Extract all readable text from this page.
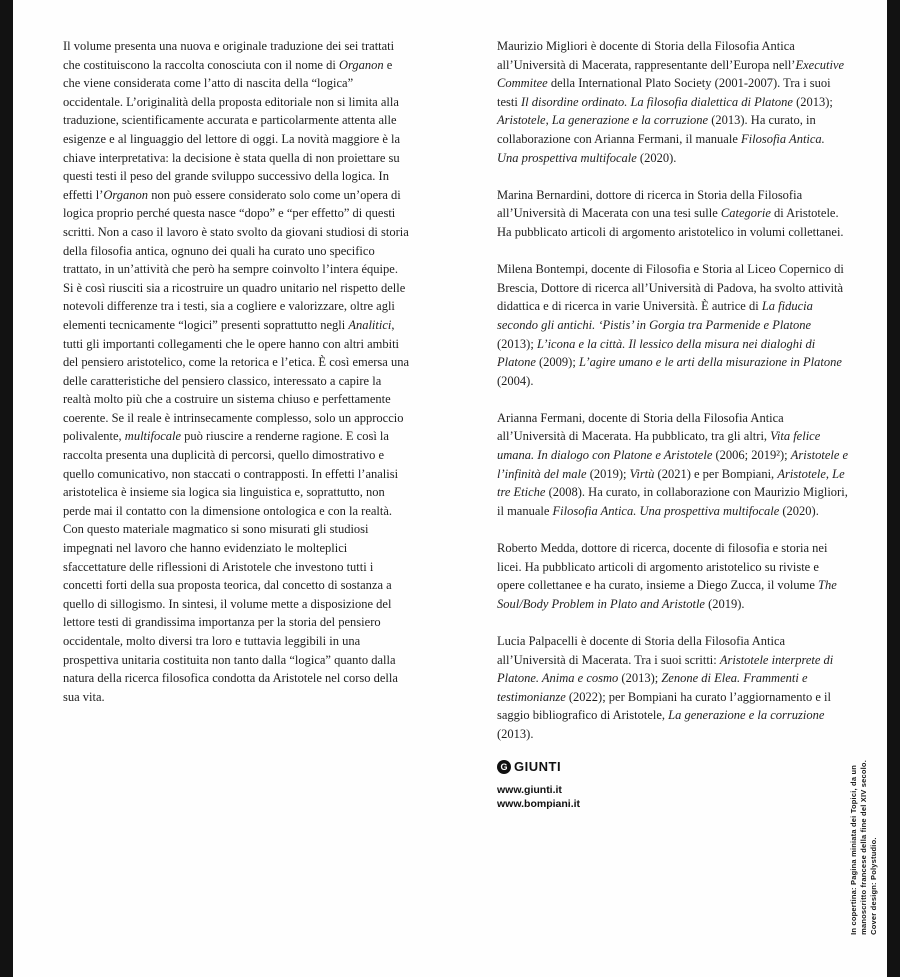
Il volume presenta una nuova e originale traduzione dei sei trattati che costituiscono la raccolta conosciuta con il nome di Organon e che viene considerata come l’atto di nascita della “logica” occidentale. L’originalità della proposta editoriale non si limita alla traduzione, scientificamente accurata e particolarmente attenta alle esigenze e al linguaggio del lettore di oggi. La novità maggiore è la chiave interpretativa: la decisione è stata quella di non proiettare su questi testi il peso del grande sviluppo successivo della logica. In effetti l’Organon non può essere considerato solo come un’opera di logica proprio perché questa nasce “dopo” e “per effetto” di questi scritti. Non a caso il lavoro è stato svolto da giovani studiosi di storia della filosofia antica, ognuno dei quali ha curato uno specifico trattato, in un’attività che però ha sempre coinvolto l’intera équipe. Si è così riusciti sia a ricostruire un quadro unitario nel rispetto delle notevoli differenze tra i testi, sia a cogliere e valorizzare, oltre agli elementi tecnicamente “logici” presenti soprattutto negli Analitici, tutti gli importanti collegamenti che le opere hanno con altri ambiti del pensiero aristotelico, come la retorica e l’etica. È così emersa una delle caratteristiche del pensiero classico, interessato a capire la realtà molto più che a costruire un sistema chiuso e perfettamente coerente. Se il reale è intrinsecamente complesso, solo un approccio polivalente, multifocale può riuscire a renderne ragione. E così la raccolta presenta una duplicità di percorsi, quello dimostrativo e quello comunicativo, non staccati o contrapposti. In effetti l’analisi aristotelica è insieme sia logica sia linguistica e, soprattutto, non perde mai il contatto con la dimensione ontologica e con la realtà. Con questo materiale magmatico si sono misurati gli studiosi impegnati nel lavoro che hanno evidenziato le molteplici sfaccettature delle riflessioni di Aristotele che investono tutti i concetti forti della sua proposta teorica, dal concetto di sostanza a quello di sillogismo. In sintesi, il volume mette a disposizione del lettore testi di grandissima importanza per la storia del pensiero occidentale, molto diversi tra loro e tuttavia leggibili in una prospettiva unitaria costituita non tanto dalla “logica” quanto dalla natura della ricerca filosofica condotta da Aristotele nel corso della sua vita.

Maurizio Migliori è docente di Storia della Filosofia Antica all’Università di Macerata, rappresentante dell’Europa nell’Executive Commitee della International Plato Society (2001-2007). Tra i suoi testi Il disordine ordinato. La filosofia dialettica di Platone (2013); Aristotele, La generazione e la corruzione (2013). Ha curato, in collaborazione con Arianna Fermani, il manuale Filosofia Antica. Una prospettiva multifocale (2020).

Marina Bernardini, dottore di ricerca in Storia della Filosofia all’Università di Macerata con una tesi sulle Categorie di Aristotele. Ha pubblicato articoli di argomento aristotelico in volumi collettanei.

Milena Bontempi, docente di Filosofia e Storia al Liceo Copernico di Brescia, Dottore di ricerca all’Università di Padova, ha svolto attività didattica e di ricerca in varie Università. È autrice di La fiducia secondo gli antichi. ‘Pistis’ in Gorgia tra Parmenide e Platone (2013); L’icona e la città. Il lessico della misura nei dialoghi di Platone (2009); L’agire umano e le arti della misurazione in Platone (2004).

Arianna Fermani, docente di Storia della Filosofia Antica all’Università di Macerata. Ha pubblicato, tra gli altri, Vita felice umana. In dialogo con Platone e Aristotele (2006; 2019²); Aristotele e l’infinità del male (2019); Virtù (2021) e per Bompiani, Aristotele, Le tre Etiche (2008). Ha curato, in collaborazione con Maurizio Migliori, il manuale Filosofia Antica. Una prospettiva multifocale (2020).

Roberto Medda, dottore di ricerca, docente di filosofia e storia nei licei. Ha pubblicato articoli di argomento aristotelico su riviste e opere collettanee e ha curato, insieme a Diego Zucca, il volume The Soul/Body Problem in Plato and Aristotle (2019).

Lucia Palpacelli è docente di Storia della Filosofia Antica all’Università di Macerata. Tra i suoi scritti: Aristotele interprete di Platone. Anima e cosmo (2013); Zenone di Elea. Frammenti e testimonianze (2022); per Bompiani ha curato l’aggiornamento e il saggio bibliografico di Aristotele, La generazione e la corruzione (2013).

G GIUNTI
www.giunti.it
www.bompiani.it	In copertina: Pagina miniata dei Topici, da un manoscritto francese della fine del XIV secolo. Cover design: Polystudio.
